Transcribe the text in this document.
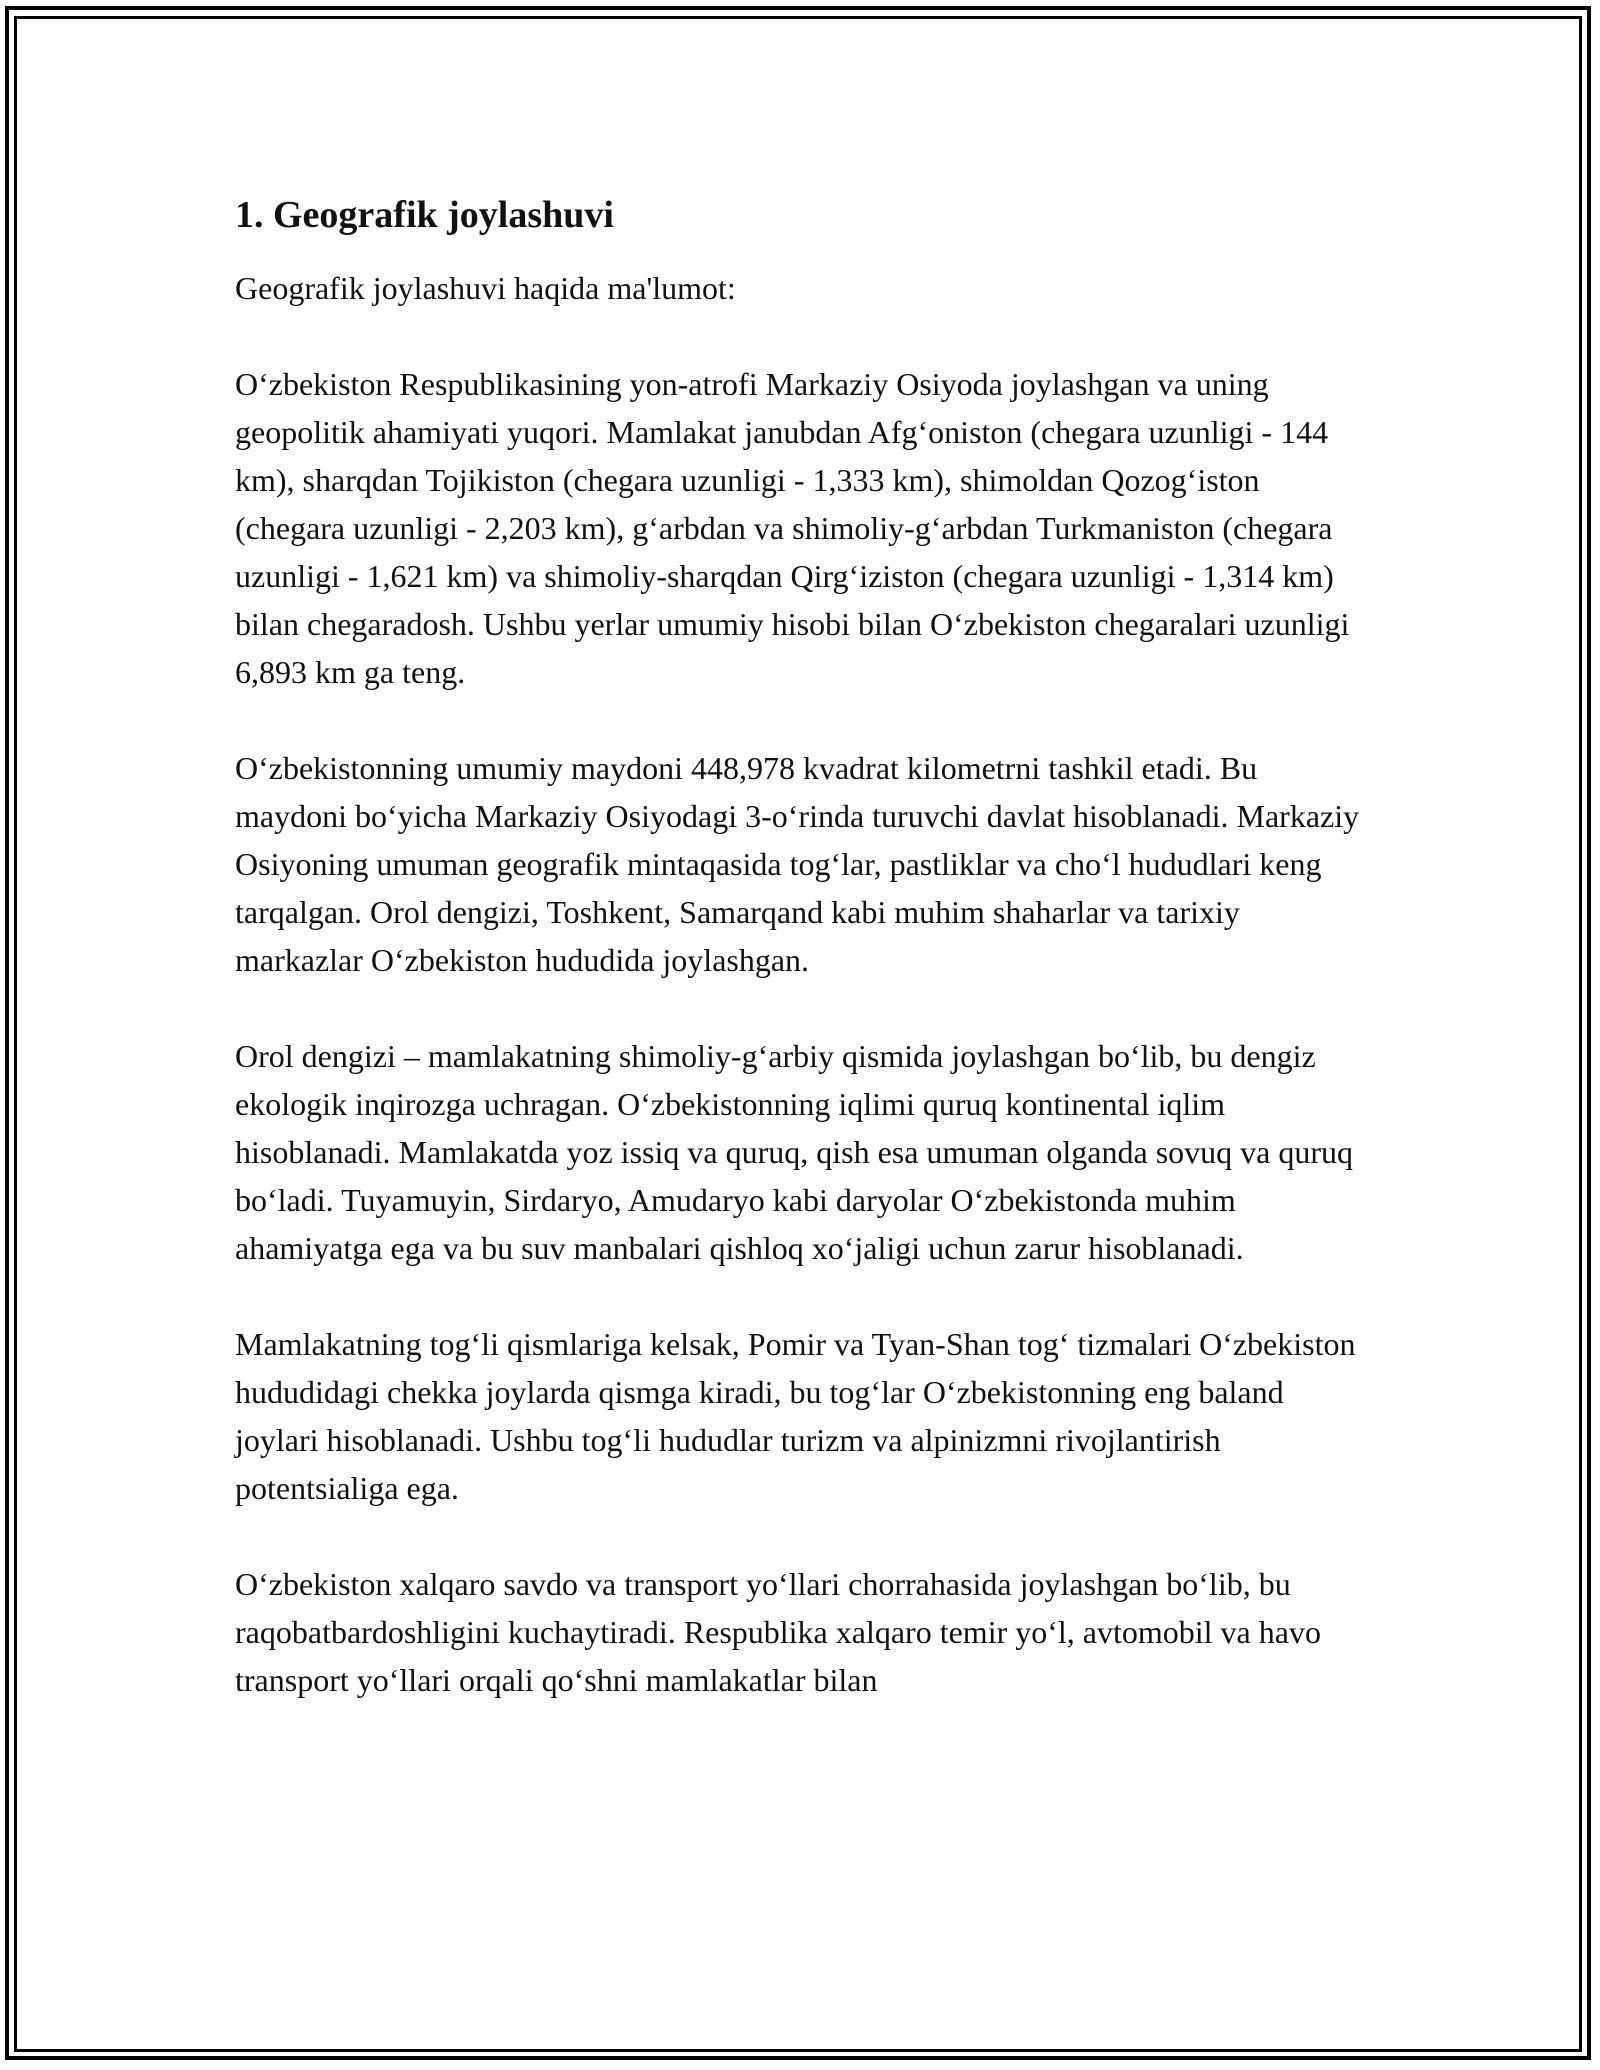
1. Geografik joylashuvi

Geografik joylashuvi haqida ma'lumot:

O‘zbekiston Respublikasining yon-atrofi Markaziy Osiyoda joylashgan va uning geopolitik ahamiyati yuqori. Mamlakat janubdan Afg‘oniston (chegara uzunligi - 144 km), sharqdan Tojikiston (chegara uzunligi - 1,333 km), shimoldan Qozog‘iston (chegara uzunligi - 2,203 km), g‘arbdan va shimoliy-g‘arbdan Turkmaniston (chegara uzunligi - 1,621 km) va shimoliy-sharqdan Qirg‘iziston (chegara uzunligi - 1,314 km) bilan chegaradosh. Ushbu yerlar umumiy hisobi bilan O‘zbekiston chegaralari uzunligi 6,893 km ga teng.

O‘zbekistonning umumiy maydoni 448,978 kvadrat kilometrni tashkil etadi. Bu maydoni bo‘yicha Markaziy Osiyodagi 3-o‘rinda turuvchi davlat hisoblanadi. Markaziy Osiyoning umuman geografik mintaqasida tog‘lar, pastliklar va cho‘l hududlari keng tarqalgan. Orol dengizi, Toshkent, Samarqand kabi muhim shaharlar va tarixiy markazlar O‘zbekiston hududida joylashgan.

Orol dengizi – mamlakatning shimoliy-g‘arbiy qismida joylashgan bo‘lib, bu dengiz ekologik inqirozga uchragan. O‘zbekistonning iqlimi quruq kontinental iqlim hisoblanadi. Mamlakatda yoz issiq va quruq, qish esa umuman olganda sovuq va quruq bo‘ladi. Tuyamuyin, Sirdaryo, Amudaryo kabi daryolar O‘zbekistonda muhim ahamiyatga ega va bu suv manbalari qishloq xo‘jaligi uchun zarur hisoblanadi.

Mamlakatning tog‘li qismlariga kelsak, Pomir va Tyan-Shan tog‘ tizmalari O‘zbekiston hududidagi chekka joylarda qismga kiradi, bu tog‘lar O‘zbekistonning eng baland joylari hisoblanadi. Ushbu tog‘li hududlar turizm va alpinizmni rivojlantirish potentsialiga ega.

O‘zbekiston xalqaro savdo va transport yo‘llari chorrahasida joylashgan bo‘lib, bu raqobatbardoshligini kuchaytiradi. Respublika xalqaro temir yo‘l, avtomobil va havo transport yo‘llari orqali qo‘shni mamlakatlar bilan
